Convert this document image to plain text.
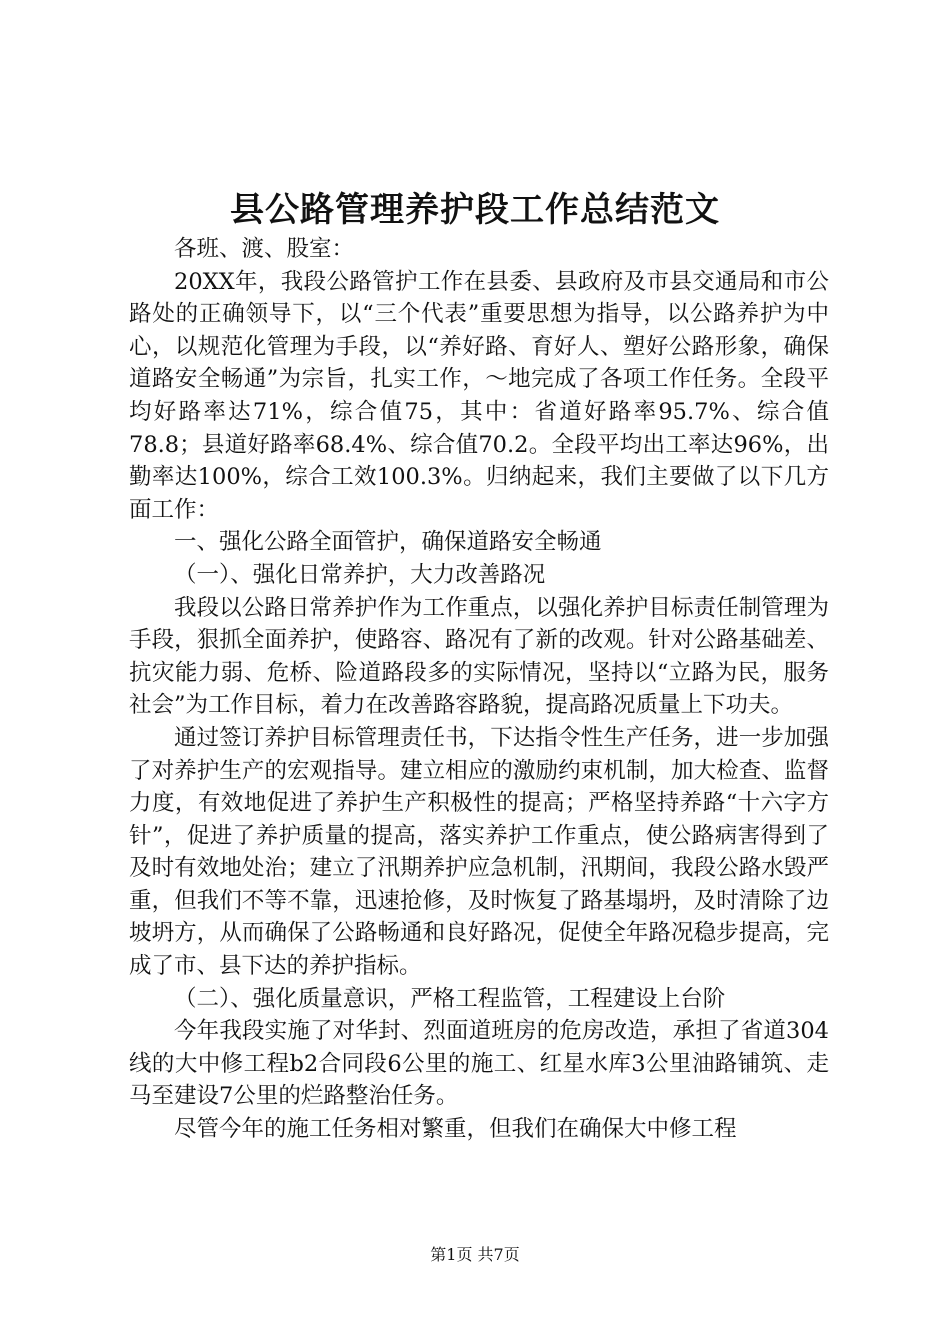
县公路管理养护段工作总结范文

各班、渡、股室：

20XX年，我段公路管护工作在县委、县政府及市县交通局和市公路处的正确领导下，以“三个代表”重要思想为指导，以公路养护为中心，以规范化管理为手段，以“养好路、育好人、塑好公路形象，确保道路安全畅通”为宗旨，扎实工作，～地完成了各项工作任务。全段平均好路率达71%，综合值75，其中：省道好路率95.7%、综合值78.8；县道好路率68.4%、综合值70.2。全段平均出工率达96%，出勤率达100%，综合工效100.3%。归纳起来，我们主要做了以下几方面工作：

一、强化公路全面管护，确保道路安全畅通

（一）、强化日常养护，大力改善路况

我段以公路日常养护作为工作重点，以强化养护目标责任制管理为手段，狠抓全面养护，使路容、路况有了新的改观。针对公路基础差、抗灾能力弱、危桥、险道路段多的实际情况，坚持以“立路为民，服务社会”为工作目标，着力在改善路容路貌，提高路况质量上下功夫。

通过签订养护目标管理责任书，下达指令性生产任务，进一步加强了对养护生产的宏观指导。建立相应的激励约束机制，加大检查、监督力度，有效地促进了养护生产积极性的提高；严格坚持养路“十六字方针”，促进了养护质量的提高，落实养护工作重点，使公路病害得到了及时有效地处治；建立了汛期养护应急机制，汛期间，我段公路水毁严重，但我们不等不靠，迅速抢修，及时恢复了路基塌坍，及时清除了边坡坍方，从而确保了公路畅通和良好路况，促使全年路况稳步提高，完成了市、县下达的养护指标。

（二）、强化质量意识，严格工程监管，工程建设上台阶

今年我段实施了对华封、烈面道班房的危房改造，承担了省道304线的大中修工程b2合同段6公里的施工、红星水库3公里油路铺筑、走马至建设7公里的烂路整治任务。

尽管今年的施工任务相对繁重，但我们在确保大中修工程

第1页 共7页
